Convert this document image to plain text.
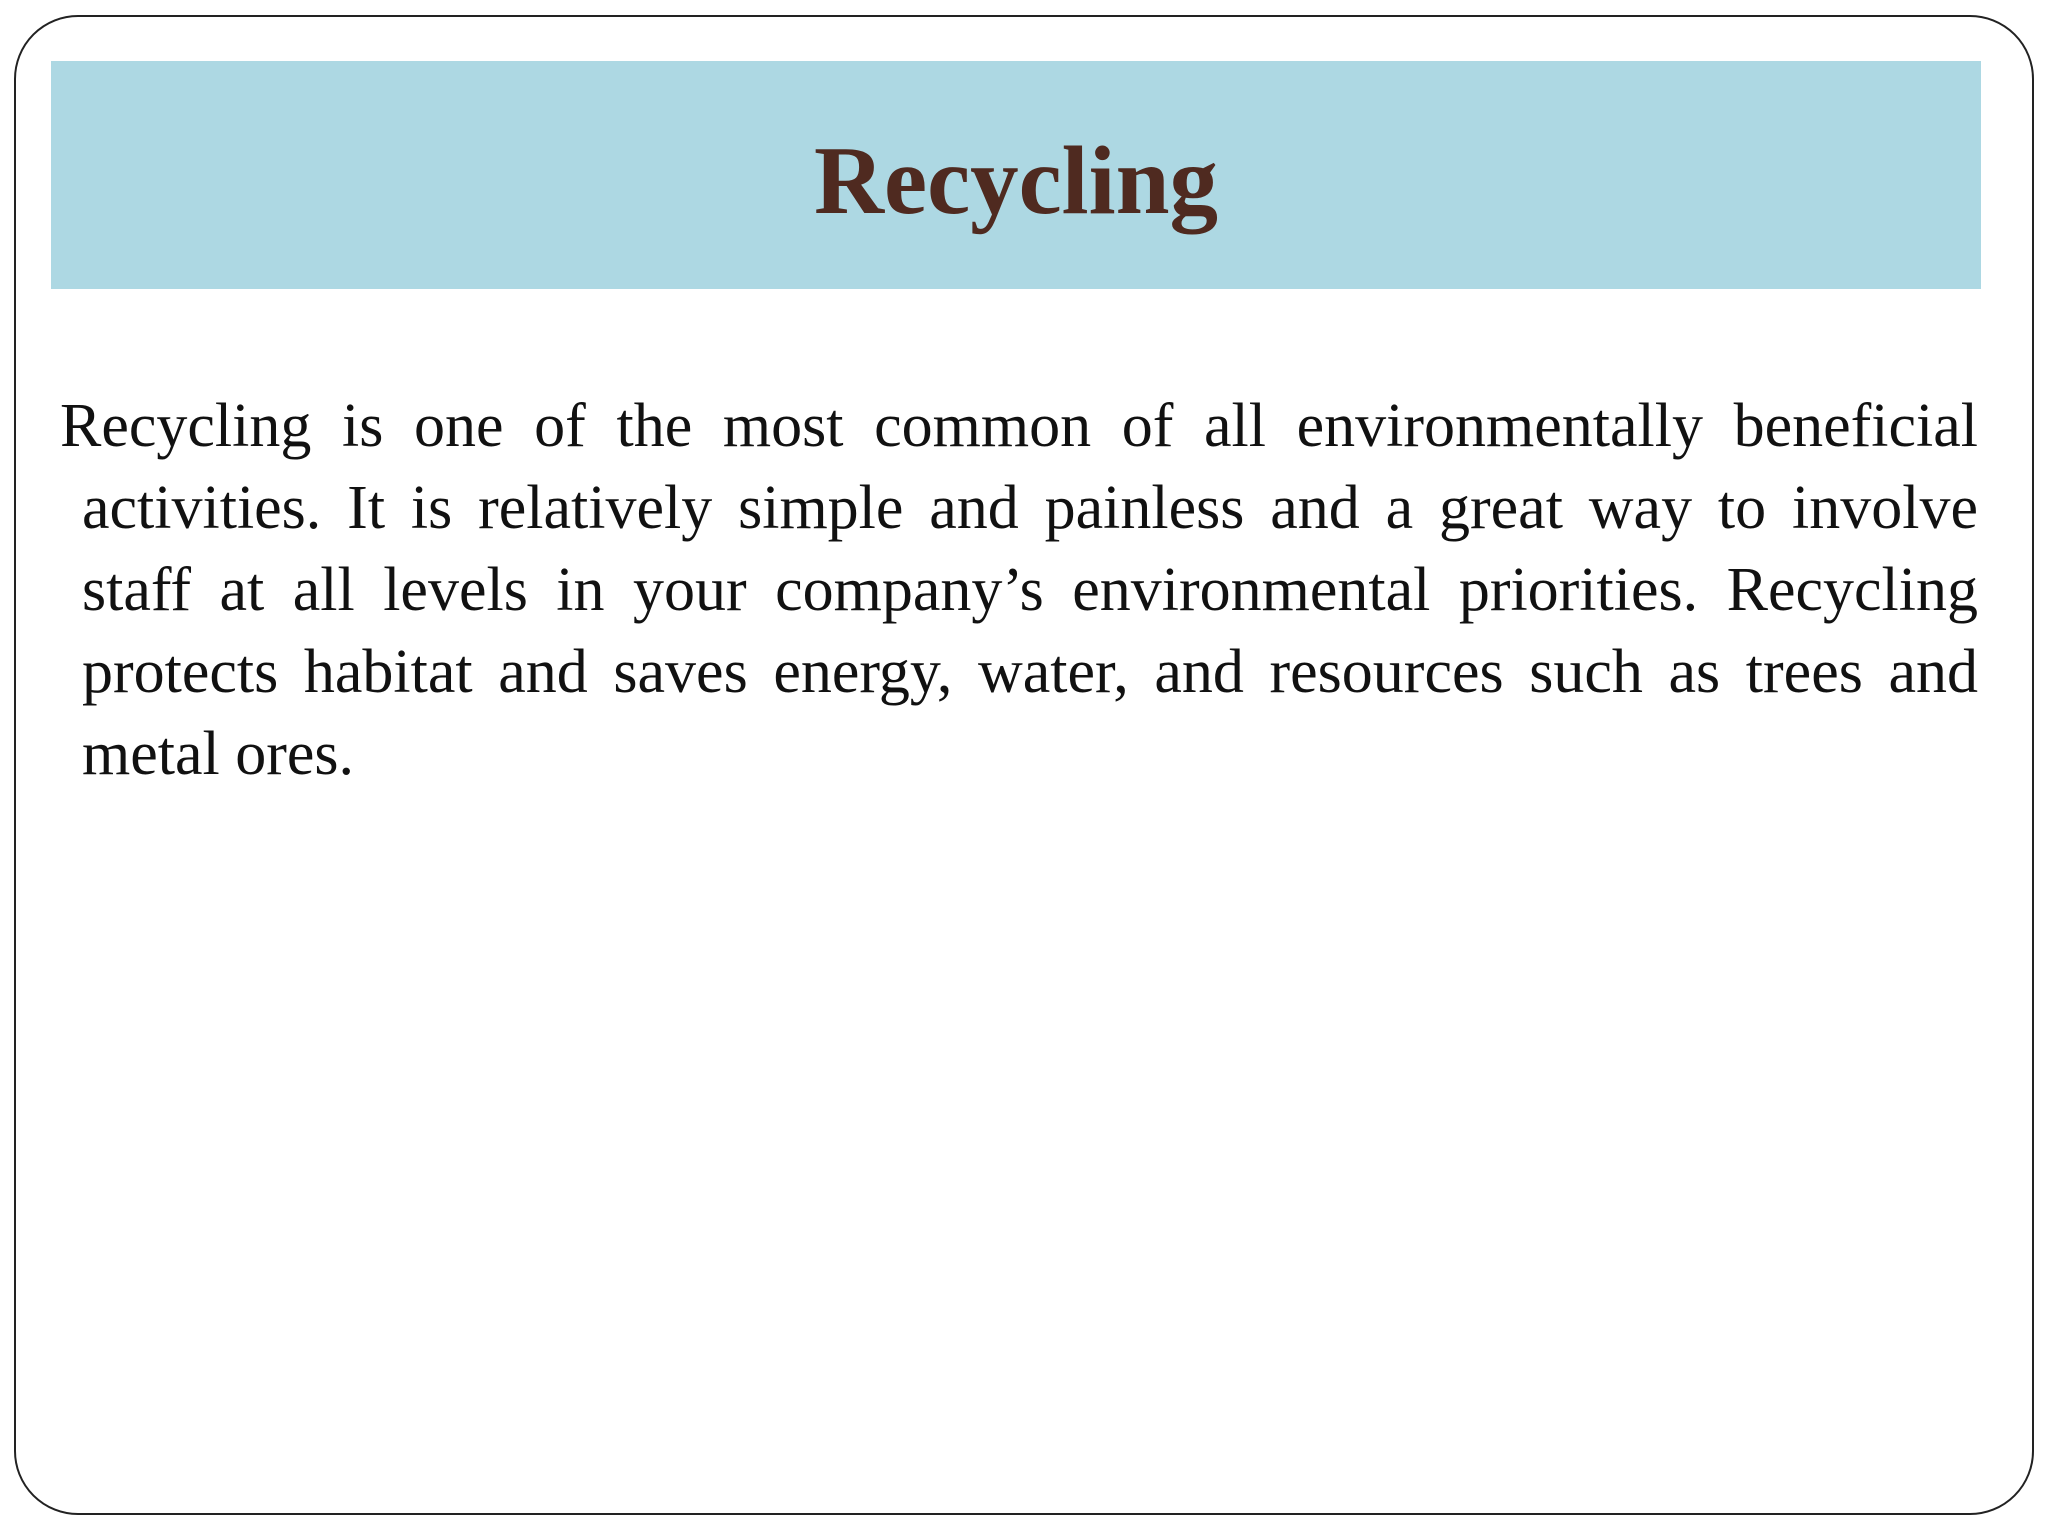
Recycling

Recycling is one of the most common of all environmentally beneficial activities. It is relatively simple and painless and a great way to involve staff at all levels in your company’s environmental priorities. Recycling protects habitat and saves energy, water, and resources such as trees and metal ores.
